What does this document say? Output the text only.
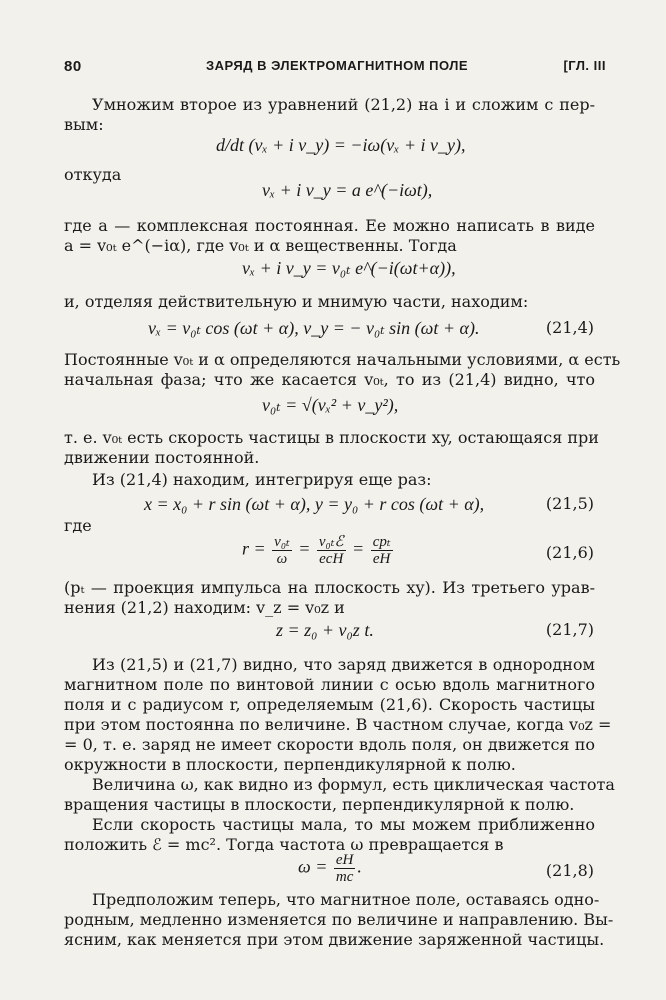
80	ЗАРЯД В ЭЛЕКТРОМАГНИТНОМ ПОЛЕ	[ГЛ. III
Умножим второе из уравнений (21,2) на i и сложим с пер-
вым:
d/dt (vₓ + i v_y) = −iω(vₓ + i v_y),
откуда
vₓ + i v_y = a e^(−iωt),
где a — комплексная постоянная. Ее можно написать в виде
a = v₀ₜ e^(−iα), где v₀ₜ и α вещественны. Тогда
vₓ + i v_y = v₀ₜ e^(−i(ωt+α)),
и, отделяя действительную и мнимую части, находим:
vₓ = v₀ₜ cos (ωt + α), v_y = − v₀ₜ sin (ωt + α).	(21,4)
Постоянные v₀ₜ и α определяются начальными условиями, α есть
начальная фаза; что же касается v₀ₜ, то из (21,4) видно, что
v₀ₜ = √(vₓ² + v_y²),
т. е. v₀ₜ есть скорость частицы в плоскости xy, остающаяся при
движении постоянной.
Из (21,4) находим, интегрируя еще раз:
x = x₀ + r sin (ωt + α), y = y₀ + r cos (ωt + α),	(21,5)
где
$r = \frac{\text{v₀ₜ}}{\omega} = \frac{\text{v₀ₜℰ}}{\text{ecH}} = \frac{\text{cpₜ}}{eH}$	(21,6)
(pₜ — проекция импульса на плоскость xy). Из третьего урав-
нения (21,2) находим: v_z = v₀z и
z = z₀ + v₀z t.	(21,7)
Из (21,5) и (21,7) видно, что заряд движется в однородном
магнитном поле по винтовой линии с осью вдоль магнитного
поля и с радиусом r, определяемым (21,6). Скорость частицы
при этом постоянна по величине. В частном случае, когда v₀z =
= 0, т. е. заряд не имеет скорости вдоль поля, он движется по
окружности в плоскости, перпендикулярной к полю.
Величина ω, как видно из формул, есть циклическая частота
вращения частицы в плоскости, перпендикулярной к полю.
Если скорость частицы мала, то мы можем приближенно
положить ℰ = mc². Тогда частота ω превращается в
$\omega = \frac{eH}{mc}$ .	(21,8)
Предположим теперь, что магнитное поле, оставаясь одно-
родным, медленно изменяется по величине и направлению. Вы-
ясним, как меняется при этом движение заряженной частицы.
